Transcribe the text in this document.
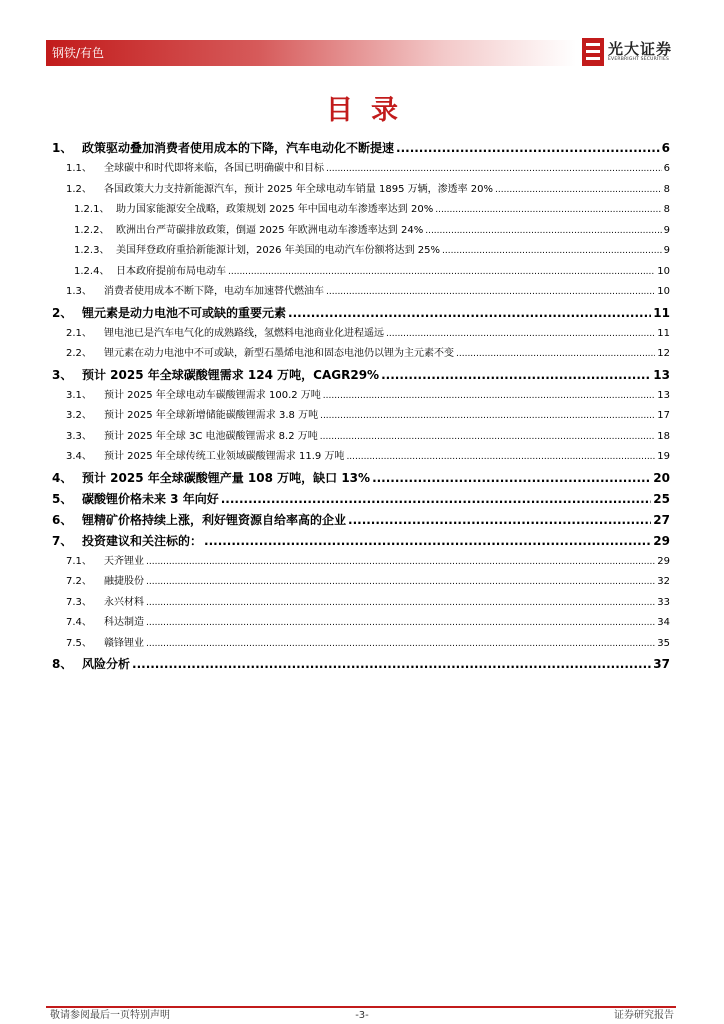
钢铁/有色	光大证券
EVERBRIGHT SECURITIES
目录
1、 政策驱动叠加消费者使用成本的下降，汽车电动化不断提速 .....	6
1.1、	全球碳中和时代即将来临，各国已明确碳中和目标 .....	6
1.2、	各国政策大力支持新能源汽车，预计 2025 年全球电动车销量 1895 万辆，渗透率 20% .....	8
1.2.1、 助力国家能源安全战略，政策规划 2025 年中国电动车渗透率达到 20% .....	8
1.2.2、 欧洲出台严苛碳排放政策，倒逼 2025 年欧洲电动车渗透率达到 24% .....	9
1.2.3、 美国拜登政府重拾新能源计划，2026 年美国的电动汽车份额将达到 25% .....	9
1.2.4、 日本政府提前布局电动车 .....	10
1.3、	消费者使用成本不断下降，电动车加速替代燃油车 .....	10
2、 锂元素是动力电池不可或缺的重要元素 .....	11
2.1、	锂电池已是汽车电气化的成熟路线，氢燃料电池商业化进程遥远 .....	11
2.2、	锂元素在动力电池中不可或缺，新型石墨烯电池和固态电池仍以锂为主元素不变 .....	12
3、 预计 2025 年全球碳酸锂需求 124 万吨，CAGR29% .....	13
3.1、	预计 2025 年全球电动车碳酸锂需求 100.2 万吨 .....	13
3.2、	预计 2025 年全球新增储能碳酸锂需求 3.8 万吨 .....	17
3.3、	预计 2025 年全球 3C 电池碳酸锂需求 8.2 万吨 .....	18
3.4、	预计 2025 年全球传统工业领域碳酸锂需求 11.9 万吨 .....	19
4、 预计 2025 年全球碳酸锂产量 108 万吨，缺口 13% .....	20
5、 碳酸锂价格未来 3 年向好 .....	25
6、 锂精矿价格持续上涨，利好锂资源自给率高的企业 .....	27
7、 投资建议和关注标的： .....	29
7.1、	天齐锂业 .....	29
7.2、	融捷股份 .....	32
7.3、	永兴材料 .....	33
7.4、	科达制造 .....	34
7.5、	赣锋锂业 .....	35
8、 风险分析 .....	37
敬请参阅最后一页特别声明	-3-	证券研究报告
